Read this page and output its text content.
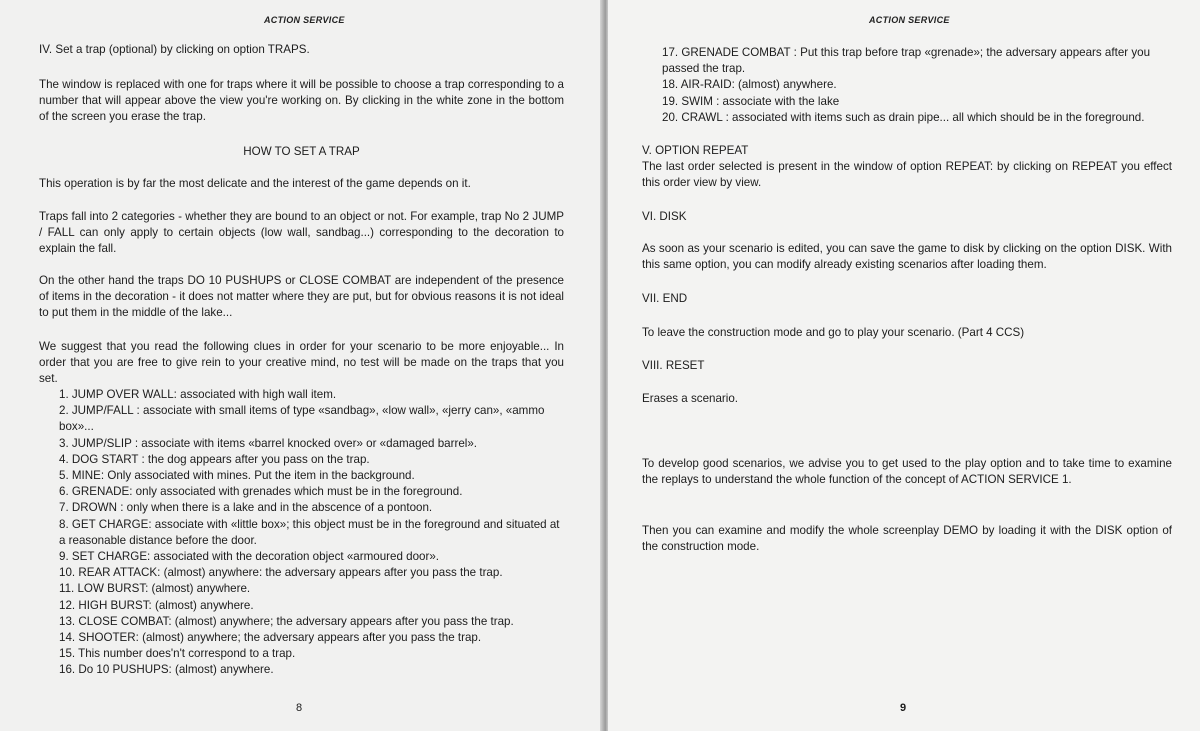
ACTION SERVICE

IV. Set a trap (optional) by clicking on option TRAPS.

The window is replaced with one for traps where it will be possible to choose a trap corresponding to a number that will appear above the view you're working on. By clicking in the white zone in the bottom of the screen you erase the trap.

HOW TO SET A TRAP

This operation is by far the most delicate and the interest of the game depends on it.

Traps fall into 2 categories - whether they are bound to an object or not. For example, trap No 2 JUMP / FALL can only apply to certain objects (low wall, sandbag...) corresponding to the decoration to explain the fall.

On the other hand the traps DO 10 PUSHUPS or CLOSE COMBAT are independent of the presence of items in the decoration - it does not matter where they are put, but for obvious reasons it is not ideal to put them in the middle of the lake...

We suggest that you read the following clues in order for your scenario to be more enjoyable... In order that you are free to give rein to your creative mind, no test will be made on the traps that you set.

1. JUMP OVER WALL: associated with high wall item.
2. JUMP/FALL : associate with small items of type «sandbag», «low wall», «jerry can», «ammo box»...
3. JUMP/SLIP : associate with items «barrel knocked over» or «damaged barrel».
4. DOG START : the dog appears after you pass on the trap.
5. MINE: Only associated with mines. Put the item in the background.
6. GRENADE: only associated with grenades which must be in the foreground.
7. DROWN : only when there is a lake and in the abscence of a pontoon.
8. GET CHARGE: associate with «little box»; this object must be in the foreground and situated at a reasonable distance before the door.
9. SET CHARGE: associated with the decoration object «armoured door».
10. REAR ATTACK: (almost) anywhere: the adversary appears after you pass the trap.
11. LOW BURST: (almost) anywhere.
12. HIGH BURST: (almost) anywhere.
13. CLOSE COMBAT: (almost) anywhere; the adversary appears after you pass the trap.
14. SHOOTER: (almost) anywhere; the adversary appears after you pass the trap.
15. This number does'n't correspond to a trap.
16. Do 10 PUSHUPS: (almost) anywhere.
8
ACTION SERVICE
17. GRENADE COMBAT : Put this trap before trap «grenade»; the adversary appears after you passed the trap.
18. AIR-RAID: (almost) anywhere.
19. SWIM : associate with the lake
20. CRAWL : associated with items such as drain pipe... all which should be in the foreground.

V. OPTION REPEAT

The last order selected is present in the window of option REPEAT: by clicking on REPEAT you effect this order view by view.

VI. DISK

As soon as your scenario is edited, you can save the game to disk by clicking on the option DISK. With this same option, you can modify already existing scenarios after loading them.

VII. END

To leave the construction mode and go to play your scenario. (Part 4 CCS)

VIII. RESET

Erases a scenario.

To develop good scenarios, we advise you to get used to the play option and to take time to examine the replays to understand the whole function of the concept of ACTION SERVICE 1.

Then you can examine and modify the whole screenplay DEMO by loading it with the DISK option of the construction mode.

9
